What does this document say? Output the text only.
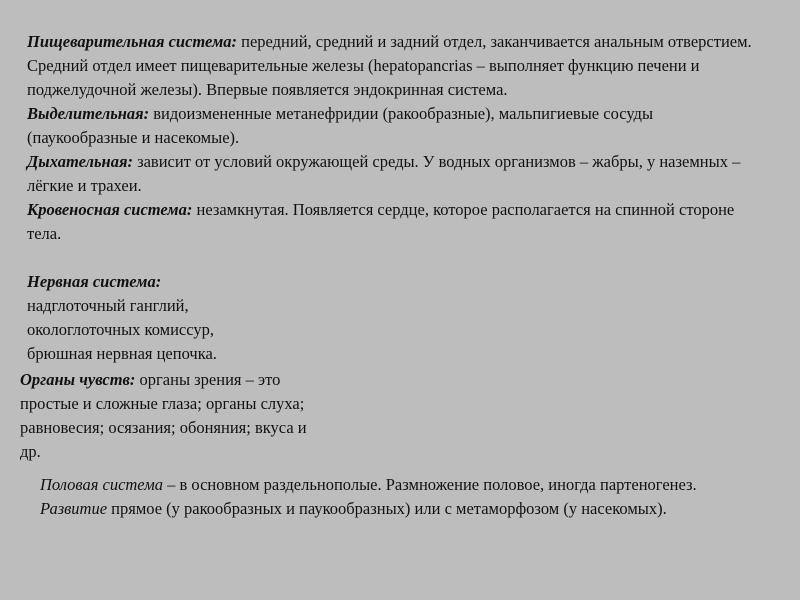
Пищеварительная система: передний, средний и задний отдел, заканчивается анальным отверстием. Средний отдел имеет пищеварительные железы (hepatopancrias – выполняет функцию печени и поджелудочной железы). Впервые появляется эндокринная система.

Выделительная: видоизмененные метанефридии (ракообразные), мальпигиевые сосуды (паукообразные и насекомые).

Дыхательная: зависит от условий окружающей среды. У водных организмов – жабры, у наземных – лёгкие и трахеи.

Кровеносная система: незамкнутая. Появляется сердце, которое располагается на спинной стороне тела.

Нервная система:

надглоточный ганглий,

окологлоточных комиссур,

брюшная нервная цепочка.

Органы чувств: органы зрения – это простые и сложные глаза; органы слуха; равновесия; осязания; обоняния; вкуса и др.

Половая система – в основном раздельнополые. Размножение половое, иногда партеногенез.

Развитие прямое (у ракообразных и паукообразных) или с метаморфозом (у насекомых).
